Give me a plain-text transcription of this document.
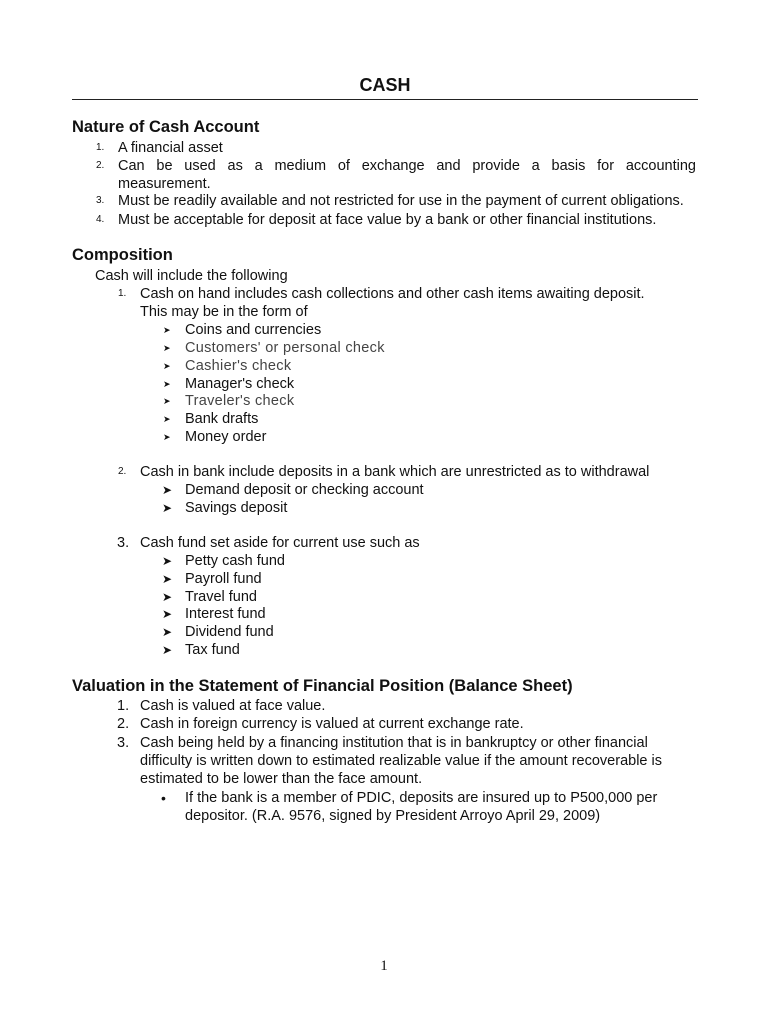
CASH
Nature of Cash Account
1. A financial asset
2. Can be used as a medium of exchange and provide a basis for accounting
measurement.
3. Must be readily available and not restricted for use in the payment of current obligations.
4. Must be acceptable for deposit at face value by a bank or other financial institutions.
Composition
Cash will include the following
1. Cash on hand includes cash collections and other cash items awaiting deposit.
This may be in the form of
➤ Coins and currencies
➤ Customers' or personal check
➤ Cashier's check
➤ Manager's check
➤ Traveler's check
➤ Bank drafts
➤ Money order
2. Cash in bank include deposits in a bank which are unrestricted as to withdrawal
➤ Demand deposit or checking account
➤ Savings deposit
3. Cash fund set aside for current use such as
➤ Petty cash fund
➤ Payroll fund
➤ Travel fund
➤ Interest fund
➤ Dividend fund
➤ Tax fund
Valuation in the Statement of Financial Position (Balance Sheet)
1. Cash is valued at face value.
2. Cash in foreign currency is valued at current exchange rate.
3. Cash being held by a financing institution that is in bankruptcy or other financial
difficulty is written down to estimated realizable value if the amount recoverable is
estimated to be lower than the face amount.
• If the bank is a member of PDIC, deposits are insured up to P500,000 per
depositor. (R.A. 9576, signed by President Arroyo April 29, 2009)
1
